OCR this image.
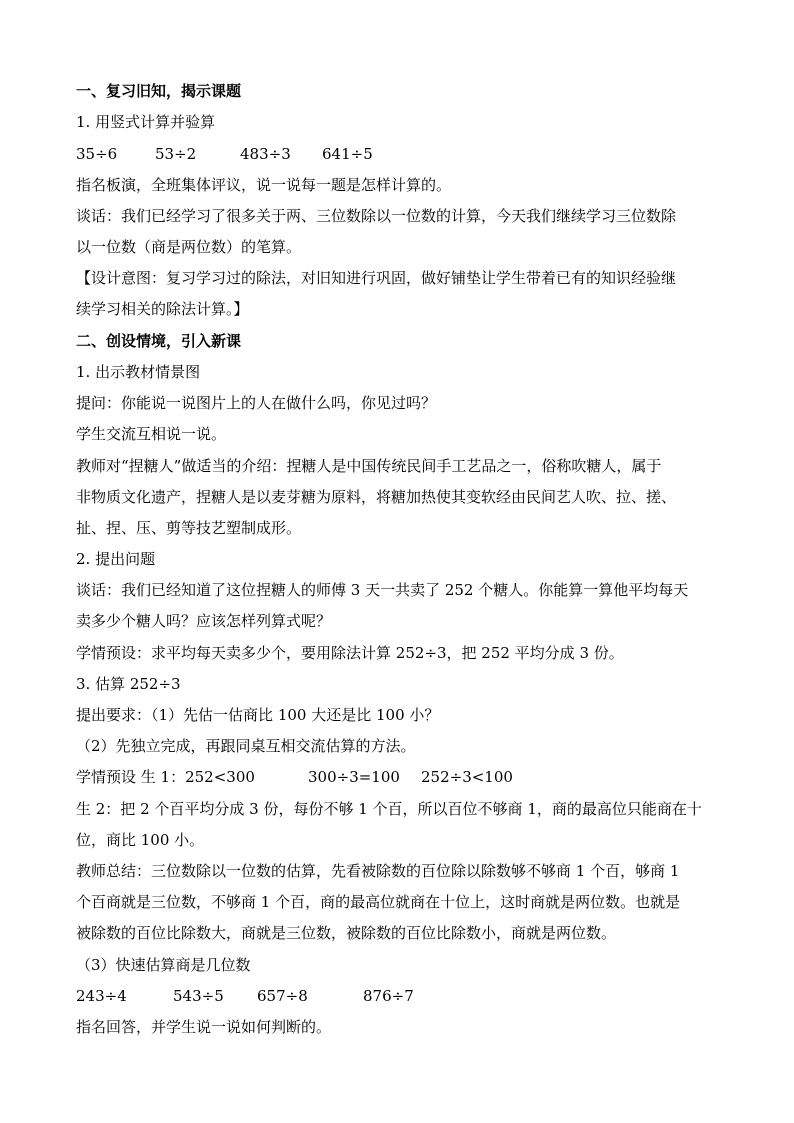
一、复习旧知，揭示课题
1. 用竖式计算并验算
35÷6	53÷2	483÷3 641÷5
指名板演，全班集体评议，说一说每一题是怎样计算的。
谈话：我们已经学习了很多关于两、三位数除以一位数的计算，今天我们继续学习三位数除
以一位数（商是两位数）的笔算。
【设计意图：复习学习过的除法，对旧知进行巩固，做好铺垫让学生带着已有的知识经验继
续学习相关的除法计算。】
二、创设情境，引入新课
1. 出示教材情景图
提问：你能说一说图片上的人在做什么吗，你见过吗？
学生交流互相说一说。
教师对“捏糖人”做适当的介绍：捏糖人是中国传统民间手工艺品之一，俗称吹糖人，属于
非物质文化遗产，捏糖人是以麦芽糖为原料，将糖加热使其变软经由民间艺人吹、拉、搓、
扯、捏、压、剪等技艺塑制成形。
2. 提出问题
谈话：我们已经知道了这位捏糖人的师傅 3 天一共卖了 252 个糖人。你能算一算他平均每天
卖多少个糖人吗？应该怎样列算式呢？
学情预设：求平均每天卖多少个，要用除法计算 252÷3，把 252 平均分成 3 份。
3. 估算 252÷3
提出要求：（1）先估一估商比 100 大还是比 100 小？
（2）先独立完成，再跟同桌互相交流估算的方法。
学情预设 生 1：252<300	300÷3=100 252÷3<100
生 2：把 2 个百平均分成 3 份，每份不够 1 个百，所以百位不够商 1，商的最高位只能商在十
位，商比 100 小。
教师总结：三位数除以一位数的估算，先看被除数的百位除以除数够不够商 1 个百，够商 1
个百商就是三位数，不够商 1 个百，商的最高位就商在十位上，这时商就是两位数。也就是
被除数的百位比除数大，商就是三位数，被除数的百位比除数小，商就是两位数。
（3）快速估算商是几位数
243÷4	543÷5 657÷8	876÷7
指名回答，并学生说一说如何判断的。
